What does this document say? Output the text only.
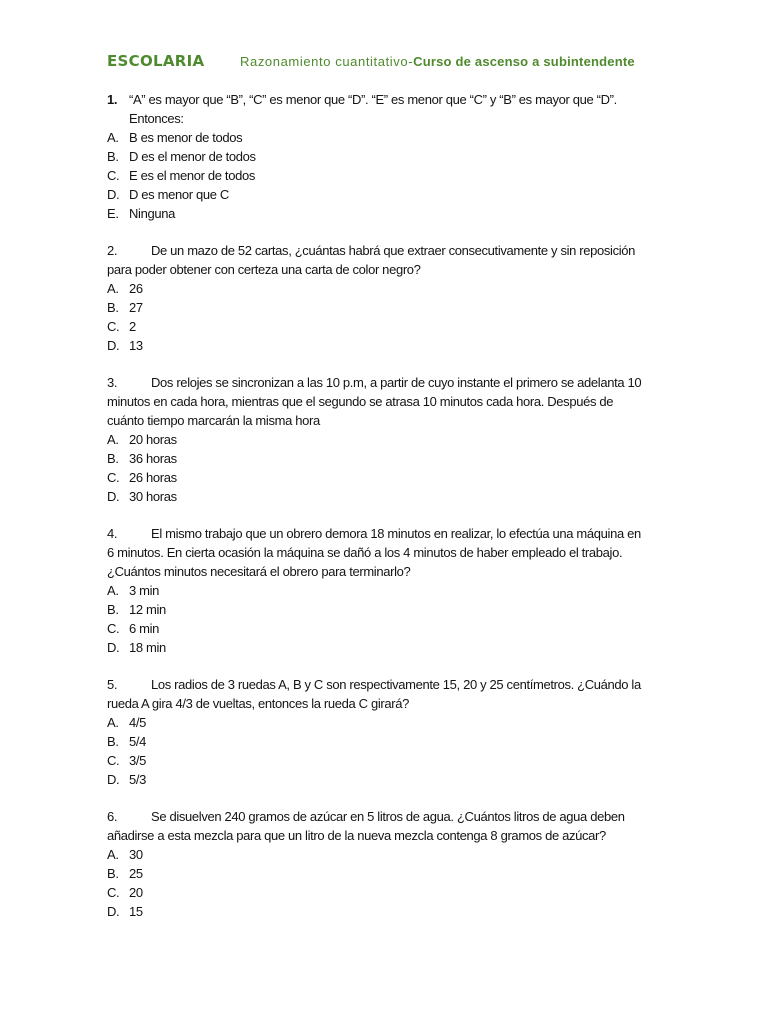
ESCOLARIA	Razonamiento cuantitativo-Curso de ascenso a subintendente
1. “A” es mayor que “B”, “C” es menor que “D”. “E” es menor que “C” y “B” es mayor que “D”.
Entonces:
A. B es menor de todos
B. D es el menor de todos
C. E es el menor de todos
D. D es menor que C
E. Ninguna
2.	De un mazo de 52 cartas, ¿cuántas habrá que extraer consecutivamente y sin reposición
para poder obtener con certeza una carta de color negro?
A. 26
B. 27
C. 2
D. 13
3.	Dos relojes se sincronizan a las 10 p.m, a partir de cuyo instante el primero se adelanta 10
minutos en cada hora, mientras que el segundo se atrasa 10 minutos cada hora. Después de
cuánto tiempo marcarán la misma hora
A. 20 horas
B. 36 horas
C. 26 horas
D. 30 horas
4.	El mismo trabajo que un obrero demora 18 minutos en realizar, lo efectúa una máquina en
6 minutos. En cierta ocasión la máquina se dañó a los 4 minutos de haber empleado el trabajo.
¿Cuántos minutos necesitará el obrero para terminarlo?
A. 3 min
B. 12 min
C. 6 min
D. 18 min
5.	Los radios de 3 ruedas A, B y C son respectivamente 15, 20 y 25 centímetros. ¿Cuándo la
rueda A gira 4/3 de vueltas, entonces la rueda C girará?
A. 4/5
B. 5/4
C. 3/5
D. 5/3
6.	Se disuelven 240 gramos de azúcar en 5 litros de agua. ¿Cuántos litros de agua deben
añadirse a esta mezcla para que un litro de la nueva mezcla contenga 8 gramos de azúcar?
A. 30
B. 25
C. 20
D. 15
